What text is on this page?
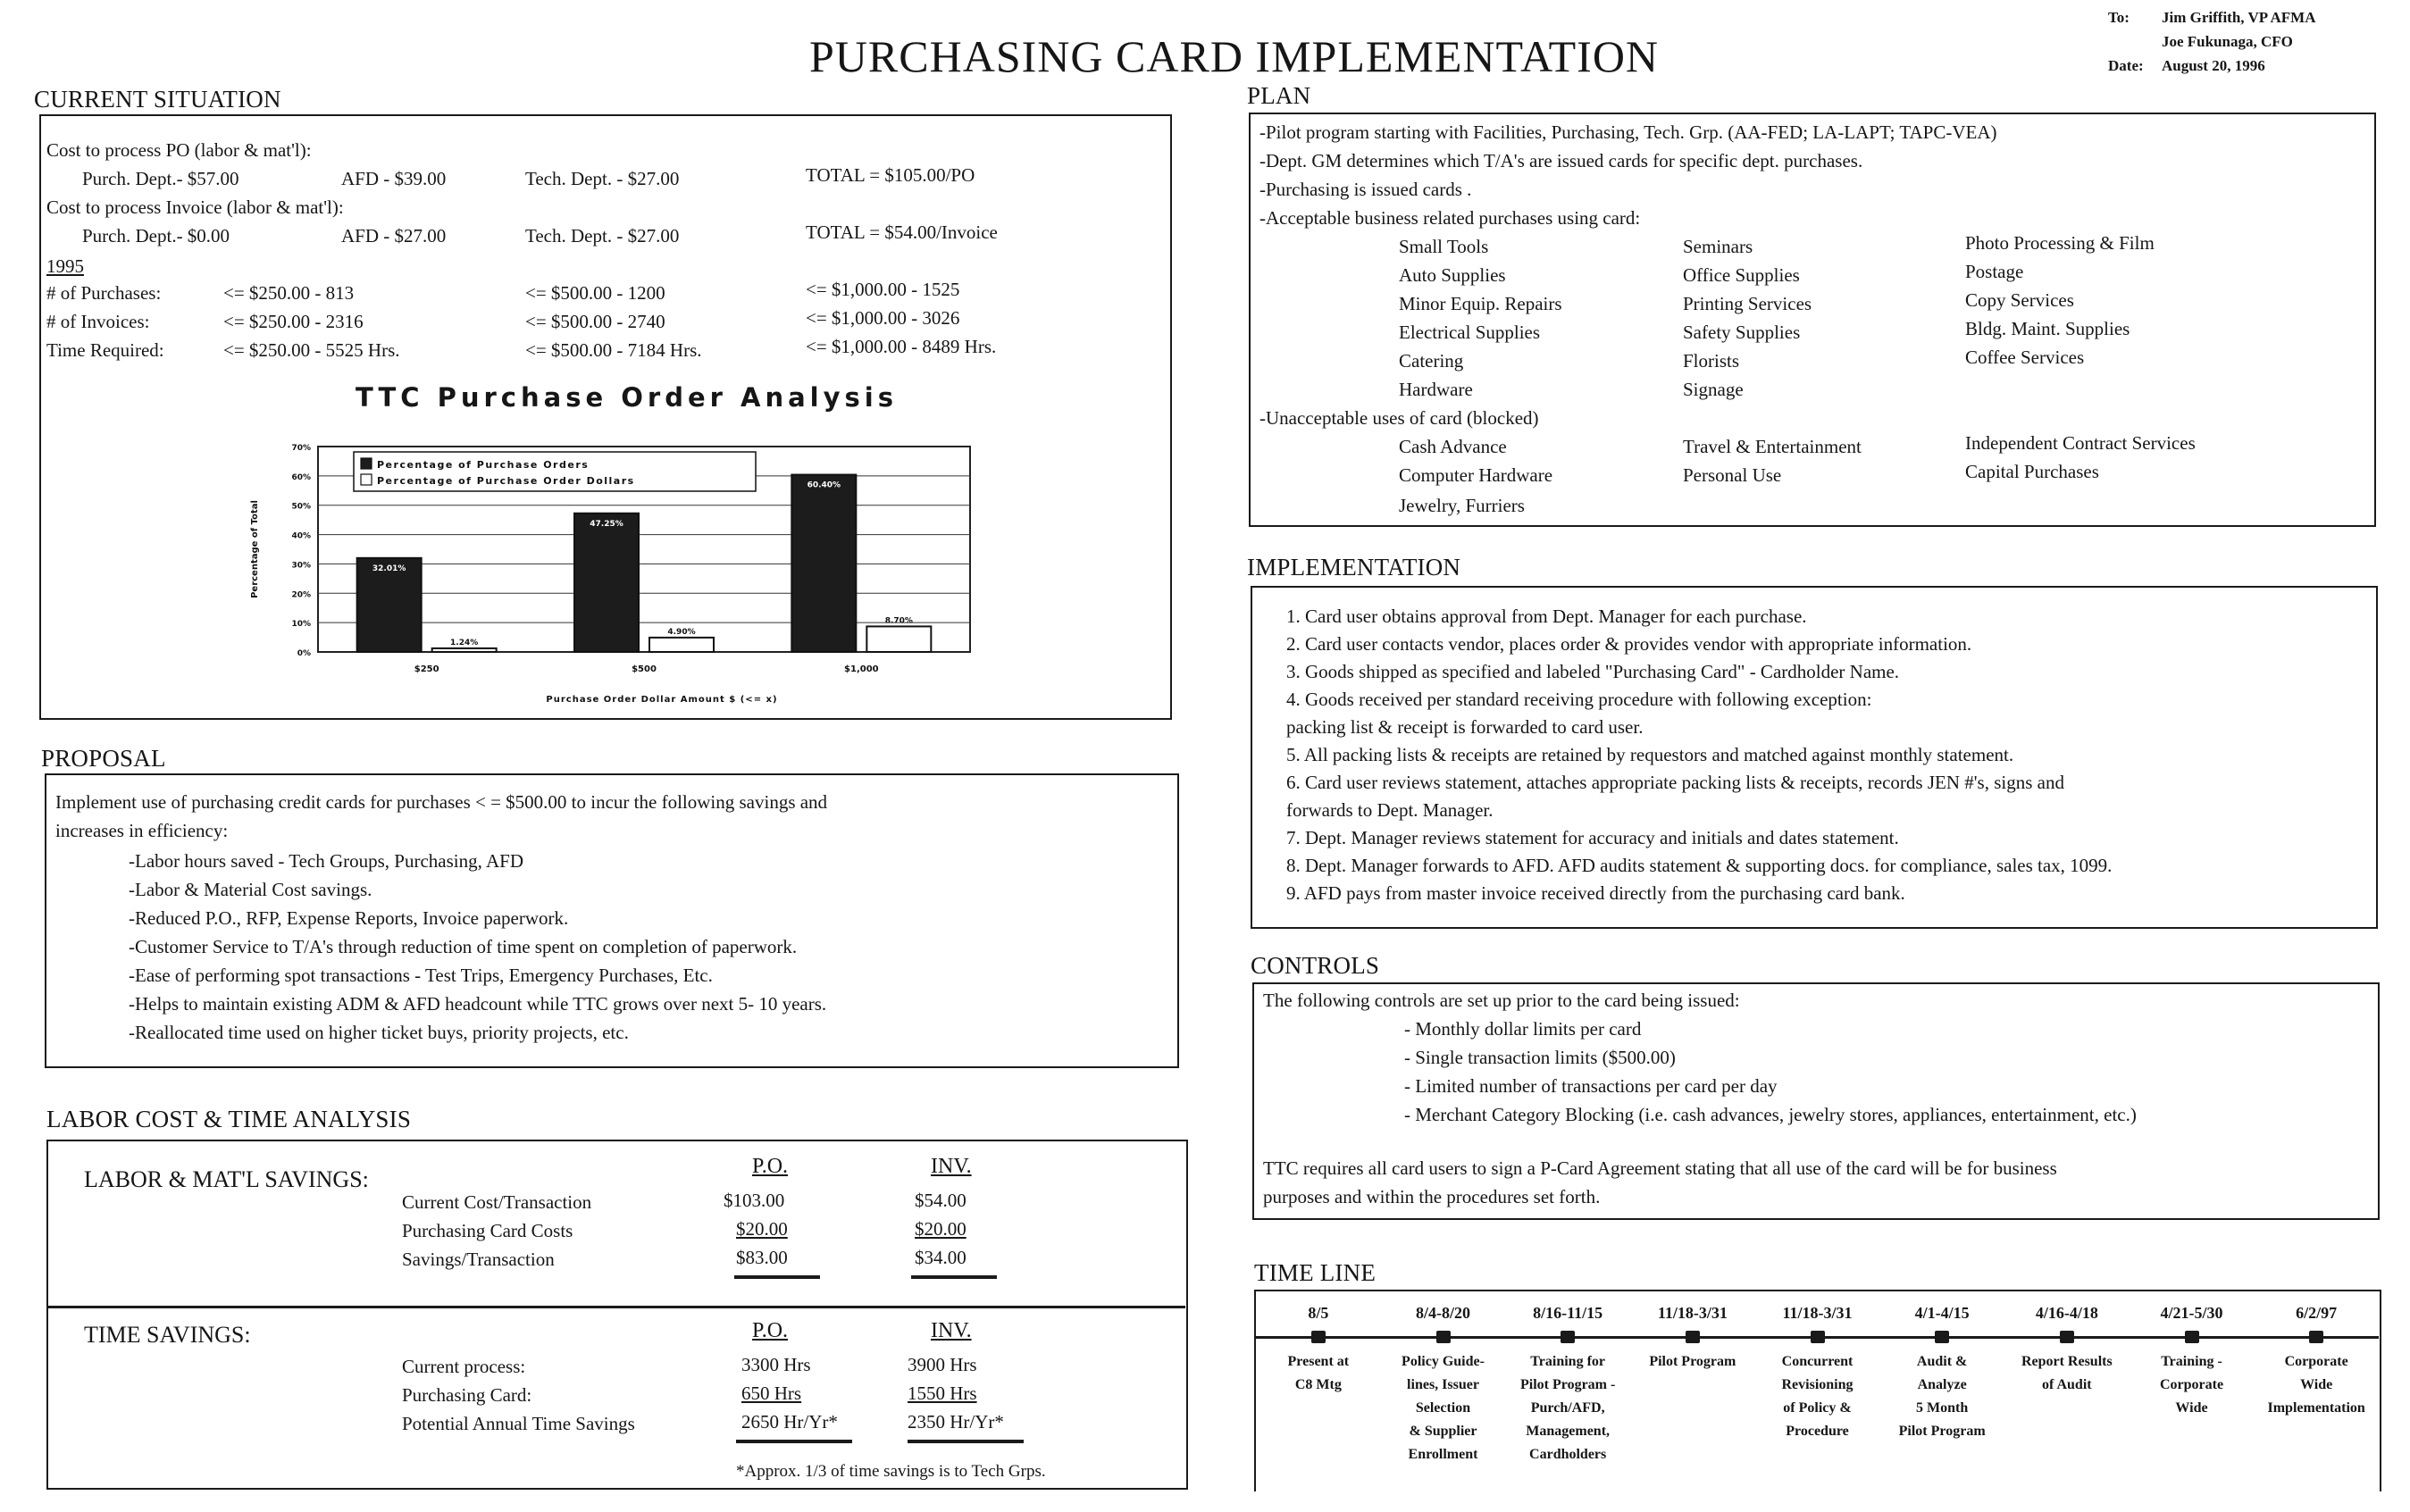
PURCHASING CARD IMPLEMENTATION
To:	Jim Griffith, VP AFMA
Joe Fukunaga, CFO
Date:	August 20, 1996
CURRENT SITUATION
Cost to process PO (labor & mat'l):
Purch. Dept.- $57.00	AFD - $39.00	Tech. Dept. - $27.00	TOTAL = $105.00/PO
Cost to process Invoice (labor & mat'l):
Purch. Dept.- $0.00	AFD - $27.00	Tech. Dept. - $27.00	TOTAL = $54.00/Invoice
1995
# of Purchases:	<= $250.00 - 813	<= $500.00 - 1200	<= $1,000.00 - 1525
# of Invoices:	<= $250.00 - 2316	<= $500.00 - 2740	<= $1,000.00 - 3026
Time Required:	<= $250.00 - 5525 Hrs.	<= $500.00 - 7184 Hrs.	<= $1,000.00 - 8489 Hrs.
TTC Purchase Order Analysis
0%
10%
20%
30%
40%
50%
60%
70%
Percentage of Total	32.01%
1.24%
$250
47.25%
4.90%
$500
60.40%
8.70%
$1,000
Purchase Order Dollar Amount $ (<= x)
Percentage of Purchase Orders
Percentage of Purchase Order Dollars
PROPOSAL
Implement use of purchasing credit cards for purchases < = $500.00 to incur the following savings and
increases in efficiency:
-Labor hours saved - Tech Groups, Purchasing, AFD
-Labor & Material Cost savings.
-Reduced P.O., RFP, Expense Reports, Invoice paperwork.
-Customer Service to T/A's through reduction of time spent on completion of paperwork.
-Ease of performing spot transactions - Test Trips, Emergency Purchases, Etc.
-Helps to maintain existing ADM & AFD headcount while TTC grows over next 5- 10 years.
-Reallocated time used on higher ticket buys, priority projects, etc.
LABOR COST & TIME ANALYSIS
LABOR & MAT'L SAVINGS:	P.O.	INV.
Current Cost/Transaction	$103.00	$54.00
Purchasing Card Costs	$20.00	$20.00
Savings/Transaction	$83.00	$34.00
TIME SAVINGS:	P.O.	INV.
Current process:	3300 Hrs	3900 Hrs
Purchasing Card:	650 Hrs	1550 Hrs
Potential Annual Time Savings	2650 Hr/Yr*	2350 Hr/Yr*
*Approx. 1/3 of time savings is to Tech Grps.
PLAN
-Pilot program starting with Facilities, Purchasing, Tech. Grp. (AA-FED; LA-LAPT; TAPC-VEA)
-Dept. GM determines which T/A's are issued cards for specific dept. purchases.
-Purchasing is issued cards .
-Acceptable business related purchases using card:
Small Tools	Seminars	Photo Processing & Film
Auto Supplies	Office Supplies	Postage
Minor Equip. Repairs	Printing Services	Copy Services
Electrical Supplies	Safety Supplies	Bldg. Maint. Supplies
Catering	Florists	Coffee Services
Hardware	Signage
-Unacceptable uses of card (blocked)
Cash Advance	Travel & Entertainment	Independent Contract Services
Computer Hardware	Personal Use	Capital Purchases
Jewelry, Furriers
IMPLEMENTATION
1. Card user obtains approval from Dept. Manager for each purchase.
2. Card user contacts vendor, places order & provides vendor with appropriate information.
3. Goods shipped as specified and labeled "Purchasing Card" - Cardholder Name.
4. Goods received per standard receiving procedure with following exception:
packing list & receipt is forwarded to card user.
5. All packing lists & receipts are retained by requestors and matched against monthly statement.
6. Card user reviews statement, attaches appropriate packing lists & receipts, records JEN #'s, signs and
forwards to Dept. Manager.
7. Dept. Manager reviews statement for accuracy and initials and dates statement.
8. Dept. Manager forwards to AFD. AFD audits statement & supporting docs. for compliance, sales tax, 1099.
9. AFD pays from master invoice received directly from the purchasing card bank.
CONTROLS
The following controls are set up prior to the card being issued:
- Monthly dollar limits per card
- Single transaction limits ($500.00)
- Limited number of transactions per card per day
- Merchant Category Blocking (i.e. cash advances, jewelry stores, appliances, entertainment, etc.)
TTC requires all card users to sign a P-Card Agreement stating that all use of the card will be for business
purposes and within the procedures set forth.
TIME LINE
8/5
Present at
C8 Mtg
8/4-8/20
Policy Guide-
lines, Issuer
Selection
& Supplier
Enrollment
8/16-11/15
Training for
Pilot Program -
Purch/AFD,
Management,
Cardholders
11/18-3/31
Pilot Program
11/18-3/31
Concurrent
Revisioning
of Policy &
Procedure
4/1-4/15
Audit &
Analyze
5 Month
Pilot Program
4/16-4/18
Report Results
of Audit
4/21-5/30
Training -
Corporate
Wide
6/2/97
Corporate
Wide
Implementation
